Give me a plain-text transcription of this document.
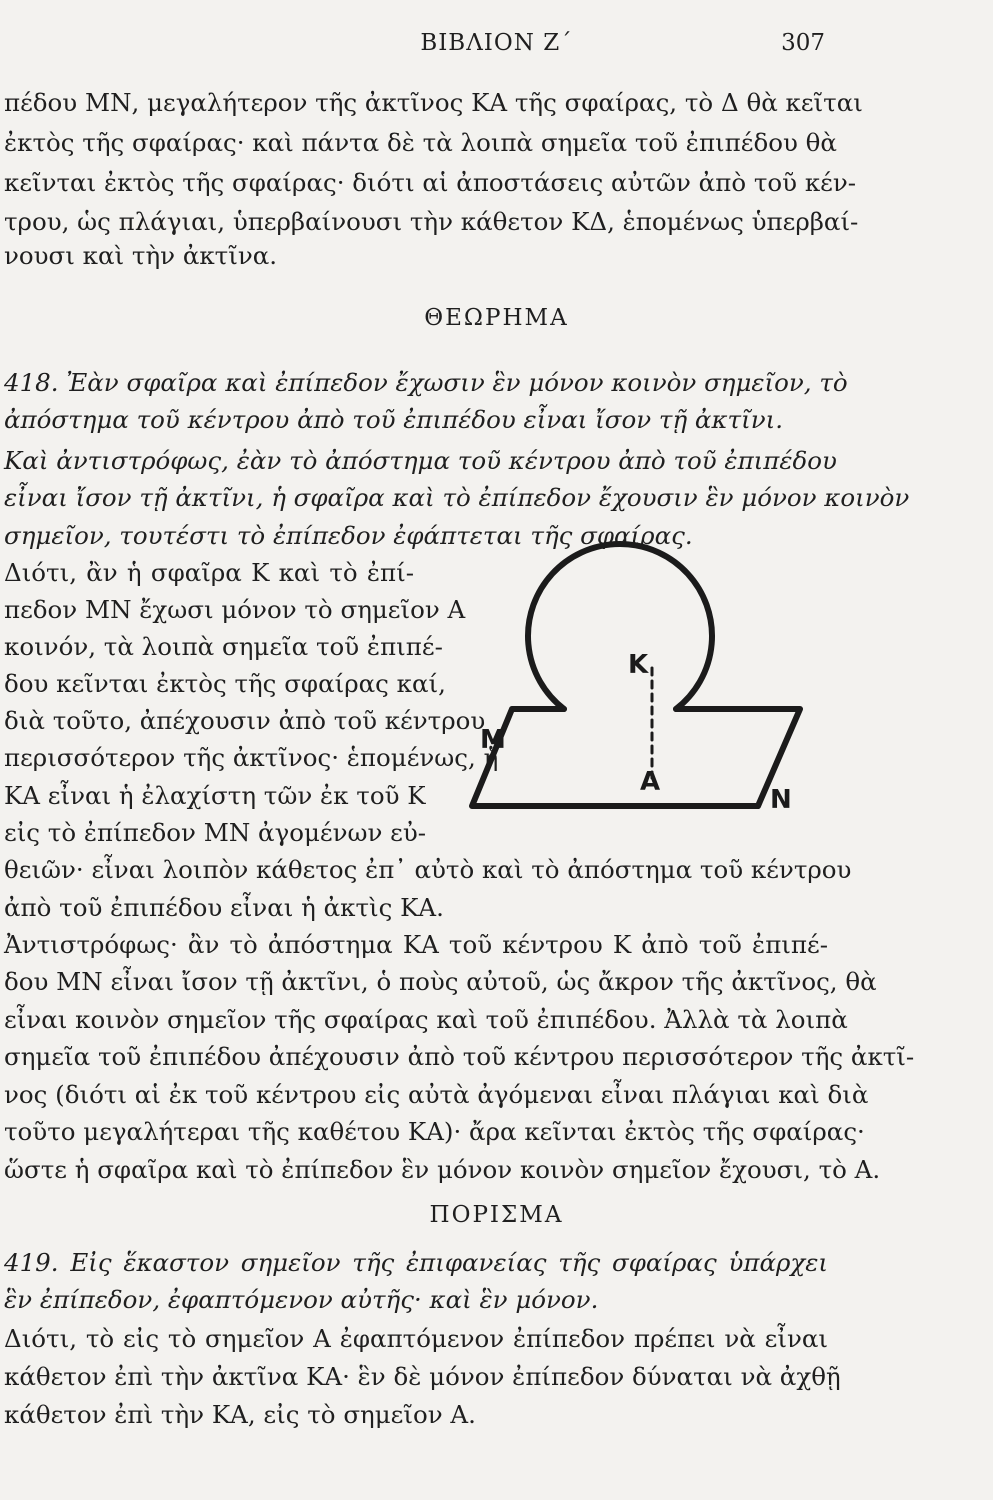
ΒΙΒΛΙΟΝ Ζ΄	307
πέδου ΜΝ, μεγαλήτερον τῆς ἀκτῖνος ΚΑ τῆς σφαίρας, τὸ Δ θὰ κεῖται
ἐκτὸς τῆς σφαίρας· καὶ πάντα δὲ τὰ λοιπὰ σημεῖα τοῦ ἐπιπέδου θὰ
κεῖνται ἐκτὸς τῆς σφαίρας· διότι αἱ ἀποστάσεις αὐτῶν ἀπὸ τοῦ κέν-
τρου, ὡς πλάγιαι, ὑπερβαίνουσι τὴν κάθετον ΚΔ, ἑπομένως ὑπερβαί-
νουσι καὶ τὴν ἀκτῖνα.
ΘΕΩΡΗΜΑ
418. Ἐὰν σφαῖρα καὶ ἐπίπεδον ἔχωσιν ἓν μόνον κοινὸν σημεῖον, τὸ
ἀπόστημα τοῦ κέντρου ἀπὸ τοῦ ἐπιπέδου εἶναι ἴσον τῇ ἀκτῖνι.
Καὶ ἀντιστρόφως, ἐὰν τὸ ἀπόστημα τοῦ κέντρου ἀπὸ τοῦ ἐπιπέδου
εἶναι ἴσον τῇ ἀκτῖνι, ἡ σφαῖρα καὶ τὸ ἐπίπεδον ἔχουσιν ἓν μόνον κοινὸν
σημεῖον, τουτέστι τὸ ἐπίπεδον ἐφάπτεται τῆς σφαίρας.
Διότι, ἂν ἡ σφαῖρα Κ καὶ τὸ ἐπί-
πεδον ΜΝ ἔχωσι μόνον τὸ σημεῖον Α
κοινόν, τὰ λοιπὰ σημεῖα τοῦ ἐπιπέ-
δου κεῖνται ἐκτὸς τῆς σφαίρας καί,
διὰ τοῦτο, ἀπέχουσιν ἀπὸ τοῦ κέντρου
περισσότερον τῆς ἀκτῖνος· ἑπομένως, ἡ
ΚΑ εἶναι ἡ ἐλαχίστη τῶν ἐκ τοῦ Κ
εἰς τὸ ἐπίπεδον ΜΝ ἀγομένων εὐ-
θειῶν· εἶναι λοιπὸν κάθετος ἐπ᾿ αὐτὸ καὶ τὸ ἀπόστημα τοῦ κέντρου
ἀπὸ τοῦ ἐπιπέδου εἶναι ἡ ἀκτὶς ΚΑ.
Ἀντιστρόφως· ἂν τὸ ἀπόστημα ΚΑ τοῦ κέντρου Κ ἀπὸ τοῦ ἐπιπέ-
δου ΜΝ εἶναι ἴσον τῇ ἀκτῖνι, ὁ ποὺς αὐτοῦ, ὡς ἄκρον τῆς ἀκτῖνος, θὰ
εἶναι κοινὸν σημεῖον τῆς σφαίρας καὶ τοῦ ἐπιπέδου. Ἀλλὰ τὰ λοιπὰ
σημεῖα τοῦ ἐπιπέδου ἀπέχουσιν ἀπὸ τοῦ κέντρου περισσότερον τῆς ἀκτῖ-
νος (διότι αἱ ἐκ τοῦ κέντρου εἰς αὐτὰ ἀγόμεναι εἶναι πλάγιαι καὶ διὰ
τοῦτο μεγαλήτεραι τῆς καθέτου ΚΑ)· ἄρα κεῖνται ἐκτὸς τῆς σφαίρας·
ὥστε ἡ σφαῖρα καὶ τὸ ἐπίπεδον ἓν μόνον κοινὸν σημεῖον ἔχουσι, τὸ Α.
ΠΟΡΙΣΜΑ
419. Εἰς ἕκαστον σημεῖον τῆς ἐπιφανείας τῆς σφαίρας ὑπάρχει
ἓν ἐπίπεδον, ἐφαπτόμενον αὐτῆς· καὶ ἓν μόνον.
Διότι, τὸ εἰς τὸ σημεῖον Α ἐφαπτόμενον ἐπίπεδον πρέπει νὰ εἶναι
κάθετον ἐπὶ τὴν ἀκτῖνα ΚΑ· ἓν δὲ μόνον ἐπίπεδον δύναται νὰ ἀχθῇ
κάθετον ἐπὶ τὴν ΚΑ, εἰς τὸ σημεῖον Α.
Κ
Α
Μ
Ν
